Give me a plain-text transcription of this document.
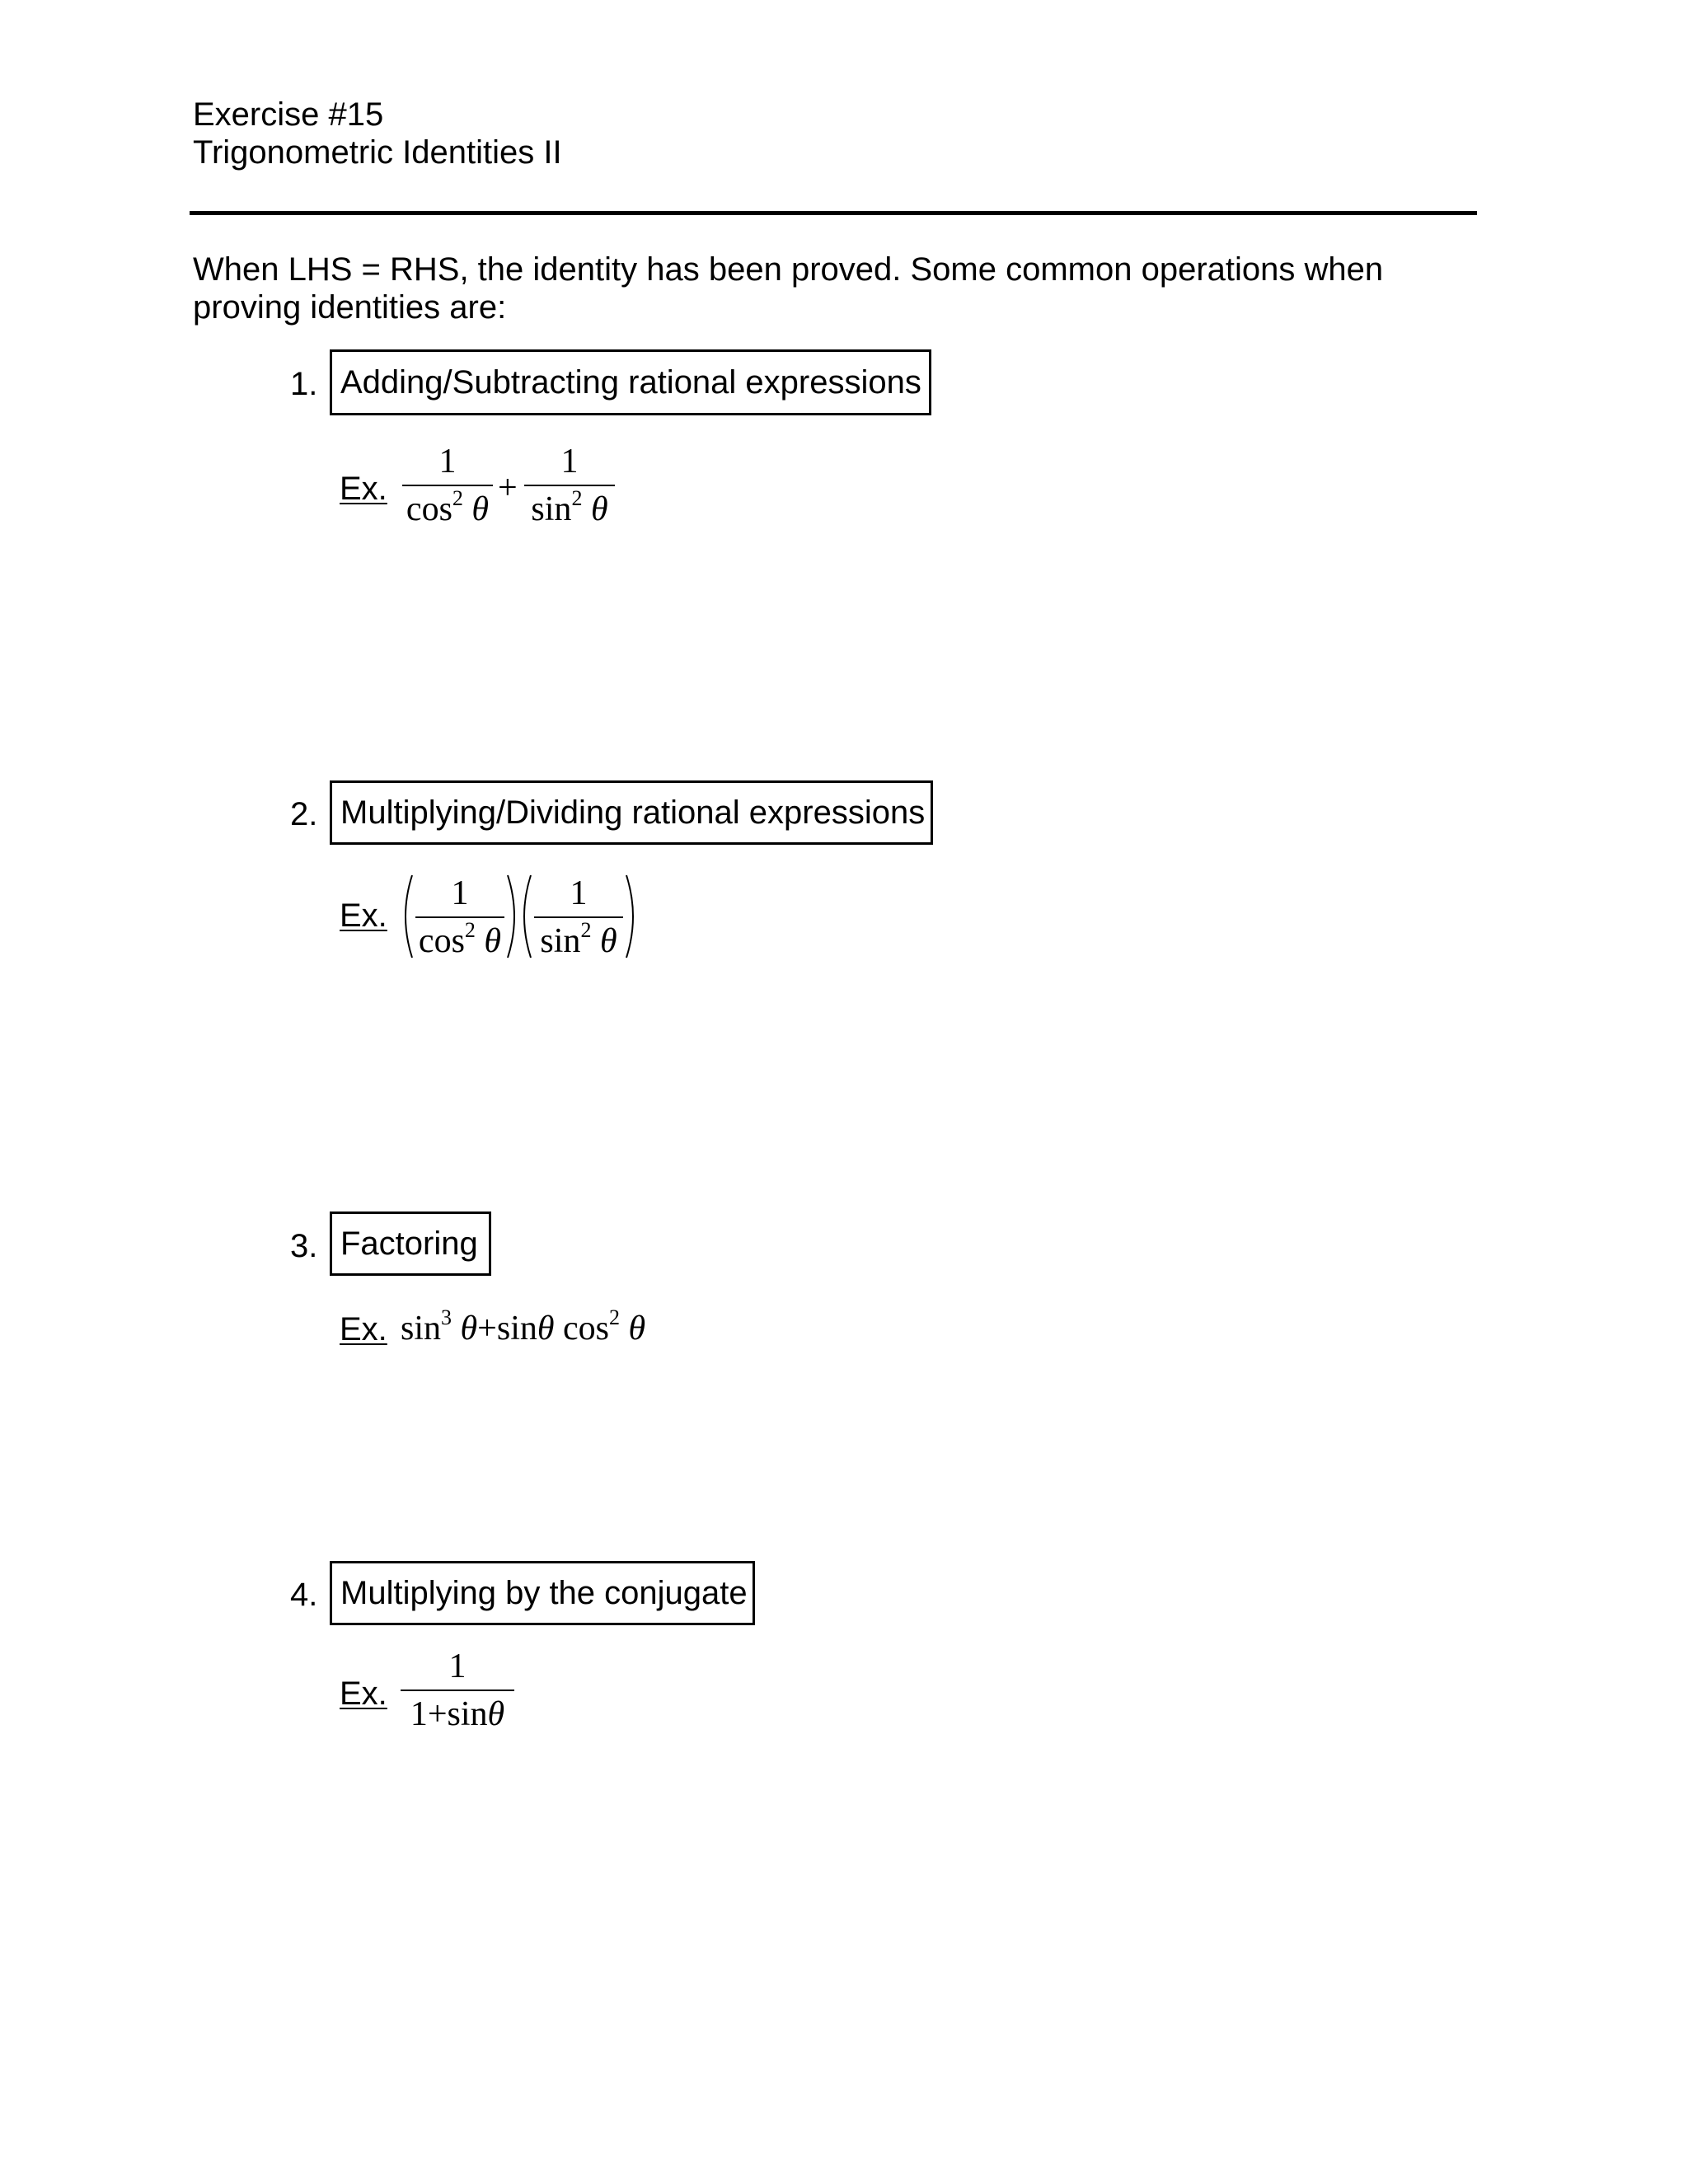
Exercise #15
Trigonometric Identities II
When LHS = RHS, the identity has been proved. Some common operations when proving identities are:
1. Adding/Subtracting rational expressions
Ex.
1
$\cos^2 \theta$
+
1
$\sin^2 \theta$
2. Multiplying/Dividing rational expressions
Ex.
1
$\cos^2 \theta$
1
$\sin^2 \theta$
3. Factoring
Ex. $\sin^3 \theta+\sin\theta$ $\cos^2 \theta$
4. Multiplying by the conjugate
Ex.
1
1+sinθ
